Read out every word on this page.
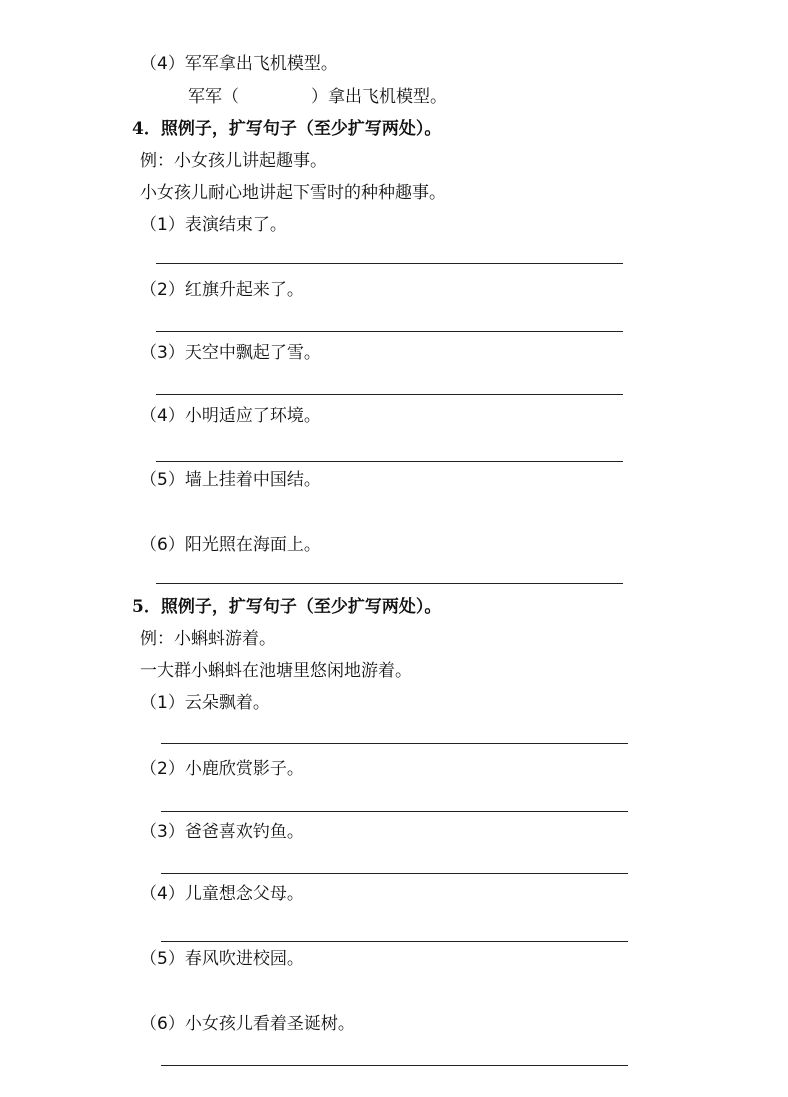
（4）军军拿出飞机模型。
军军（	）拿出飞机模型。
4．照例子，扩写句子（至少扩写两处）。
例：小女孩儿讲起趣事。
小女孩儿耐心地讲起下雪时的种种趣事。
（1）表演结束了。
（2）红旗升起来了。
（3）天空中飘起了雪。
（4）小明适应了环境。
（5）墙上挂着中国结。
（6）阳光照在海面上。
5．照例子，扩写句子（至少扩写两处）。
例：小蝌蚪游着。
一大群小蝌蚪在池塘里悠闲地游着。
（1）云朵飘着。
（2）小鹿欣赏影子。
（3）爸爸喜欢钓鱼。
（4）儿童想念父母。
（5）春风吹进校园。
（6）小女孩儿看着圣诞树。
